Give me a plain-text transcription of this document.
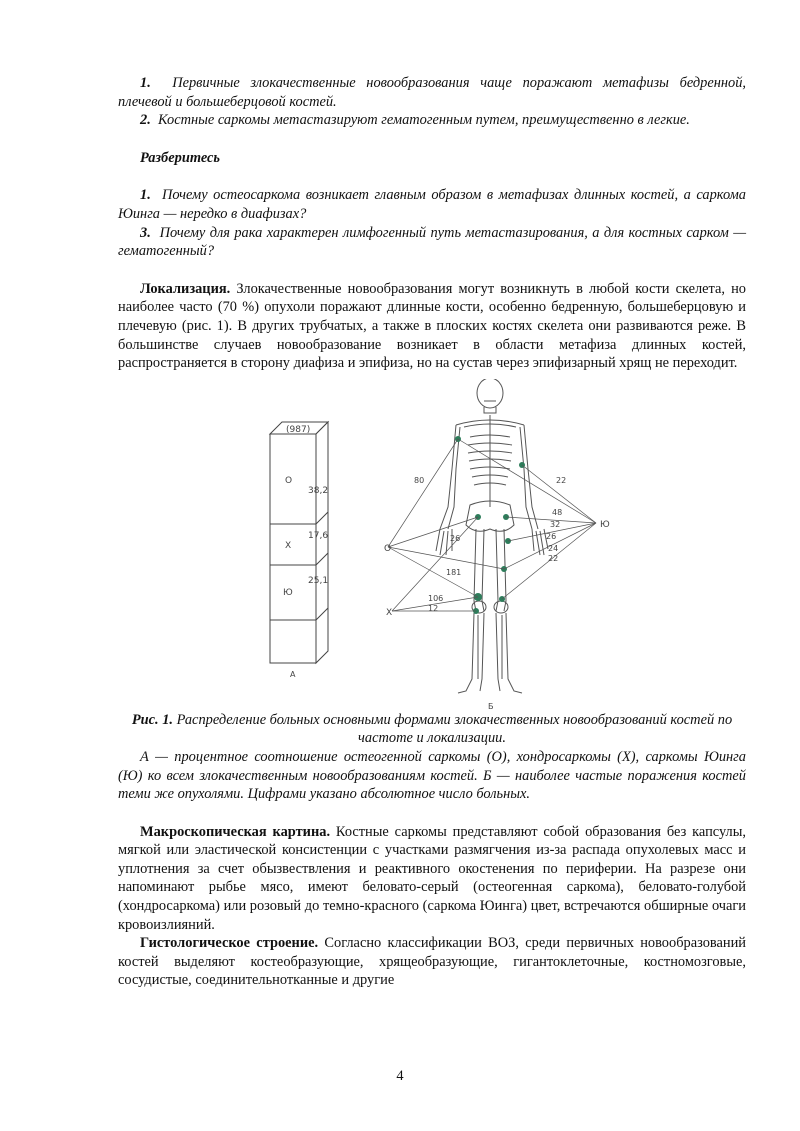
1. Первичные злокачественные новообразования чаще поражают метафизы бедренной, плечевой и большеберцовой костей.

2. Костные саркомы метастазируют гематогенным путем, преимущественно в легкие.

Разберитесь

1. Почему остеосаркома возникает главным образом в метафизах длинных костей, а саркома Юинга — нередко в диафизах?

3. Почему для рака характерен лимфогенный путь метастазирования, а для костных сарком — гематогенный?

Локализация. Злокачественные новообразования могут возникнуть в любой кости скелета, но наиболее часто (70 %) опухоли поражают длинные кости, особенно бедренную, большеберцовую и плечевую (рис. 1). В других трубчатых, а также в плоских костях скелета они развиваются реже. В большинстве случаев новообразование возникает в области метафиза длинных костей, распространяется в сторону диафиза и эпифиза, но на сустав через эпифизарный хрящ не переходит.

(987)
О
38,2
Х
17,6
Ю
25,1
А
О
Х
Ю
80	22
48
32
26
24
22
26
181
106
12
Б

Рис. 1. Распределение больных основными формами злокачественных новообразований костей по частоте и локализации.

А — процентное соотношение остеогенной саркомы (О), хондросаркомы (Х), саркомы Юинга (Ю) ко всем злокачественным новообразованиям костей. Б — наиболее частые поражения костей теми же опухолями. Цифрами указано абсолютное число больных.

Макроскопическая картина. Костные саркомы представляют собой образования без капсулы, мягкой или эластической консистенции с участками размягчения из-за распада опухолевых масс и уплотнения за счет обызвествления и реактивного окостенения по периферии. На разрезе они напоминают рыбье мясо, имеют беловато-серый (остеогенная саркома), беловато-голубой (хондросаркома) или розовый до темно-красного (саркома Юинга) цвет, встречаются обширные очаги кровоизлияний.

Гистологическое строение. Согласно классификации ВОЗ, среди первичных новообразований костей выделяют костеобразующие, хрящеобразующие, гигантоклеточные, костномозговые, сосудистые, соединительнотканные и другие

4
